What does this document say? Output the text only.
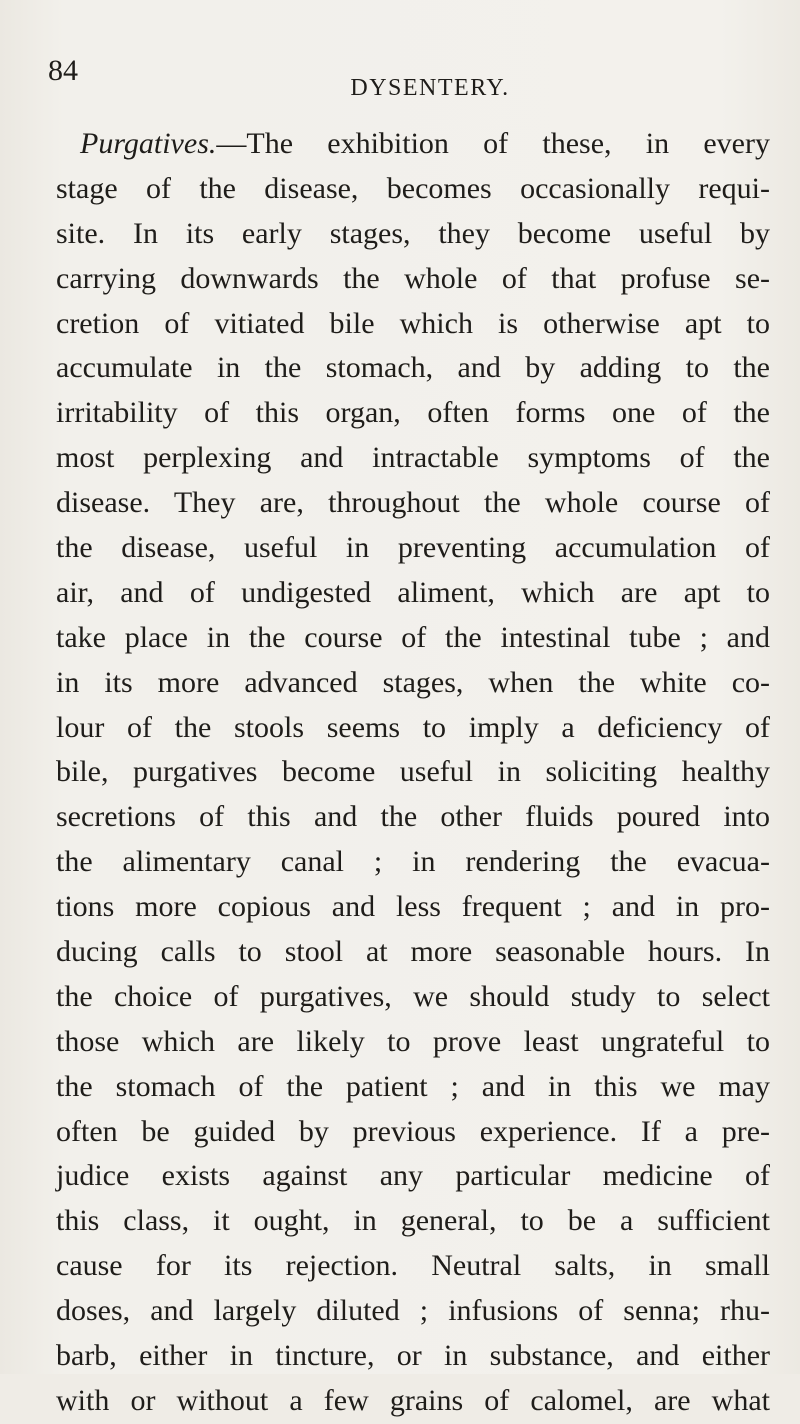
84
DYSENTERY.
Purgatives.—The exhibition of these, in every
stage of the disease, becomes occasionally requi-
site. In its early stages, they become useful by
carrying downwards the whole of that profuse se-
cretion of vitiated bile which is otherwise apt to
accumulate in the stomach, and by adding to the
irritability of this organ, often forms one of the
most perplexing and intractable symptoms of the
disease. They are, throughout the whole course of
the disease, useful in preventing accumulation of
air, and of undigested aliment, which are apt to
take place in the course of the intestinal tube ; and
in its more advanced stages, when the white co-
lour of the stools seems to imply a deficiency of
bile, purgatives become useful in soliciting healthy
secretions of this and the other fluids poured into
the alimentary canal ; in rendering the evacua-
tions more copious and less frequent ; and in pro-
ducing calls to stool at more seasonable hours. In
the choice of purgatives, we should study to select
those which are likely to prove least ungrateful to
the stomach of the patient ; and in this we may
often be guided by previous experience. If a pre-
judice exists against any particular medicine of
this class, it ought, in general, to be a sufficient
cause for its rejection. Neutral salts, in small
doses, and largely diluted ; infusions of senna; rhu-
barb, either in tincture, or in substance, and either
with or without a few grains of calomel, are what
